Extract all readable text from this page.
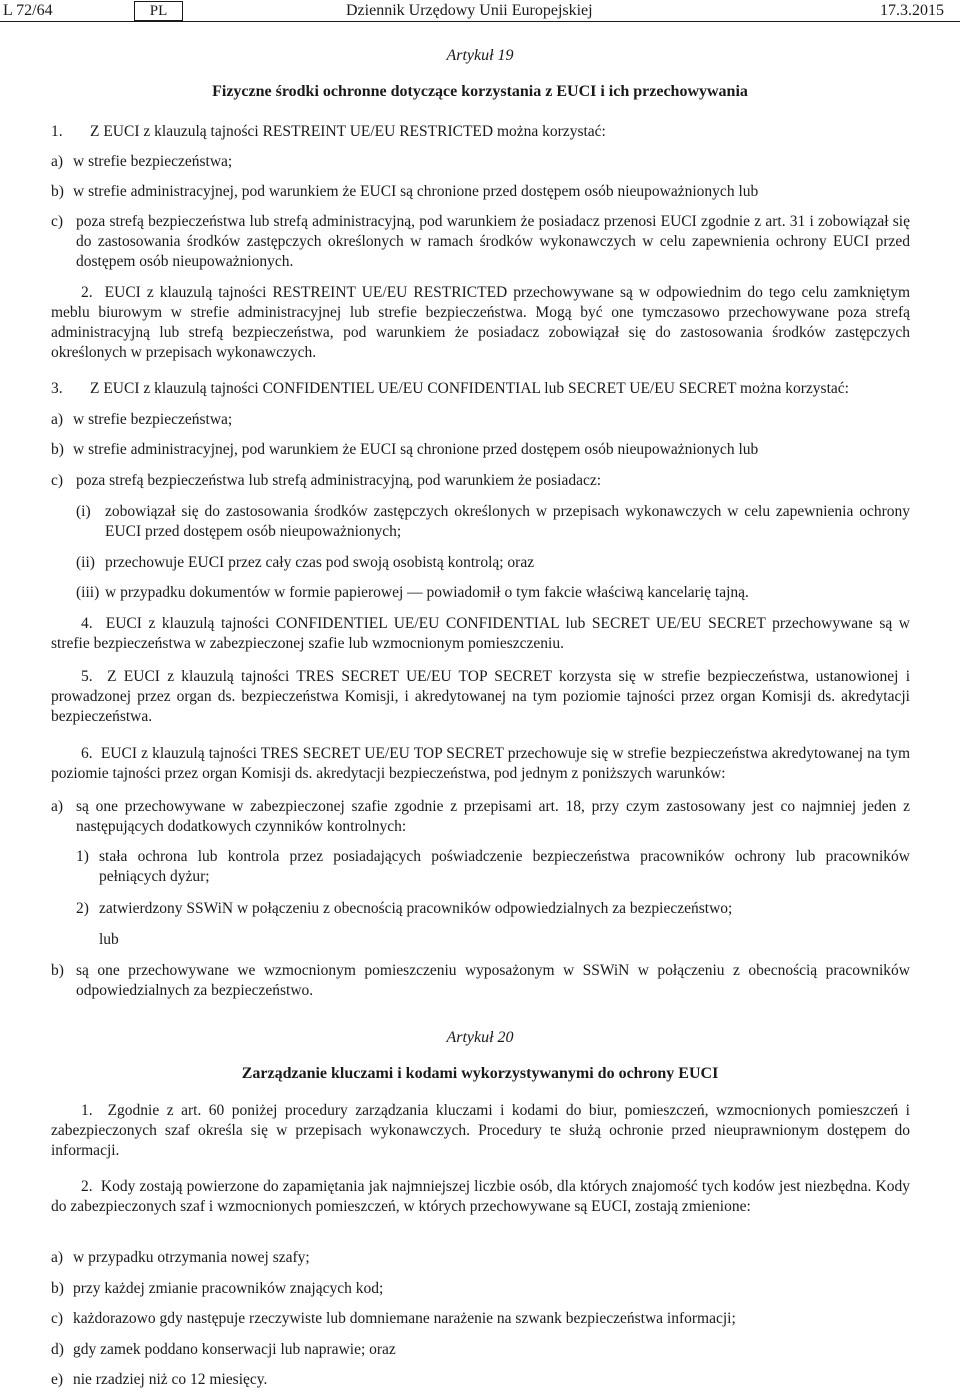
L 72/64	PL	Dziennik Urzędowy Unii Europejskiej	17.3.2015
Artykuł 19
Fizyczne środki ochronne dotyczące korzystania z EUCI i ich przechowywania
1. Z EUCI z klauzulą tajności RESTREINT UE/EU RESTRICTED można korzystać:
a) w strefie bezpieczeństwa;
b) w strefie administracyjnej, pod warunkiem że EUCI są chronione przed dostępem osób nieupoważnionych lub
c) poza strefą bezpieczeństwa lub strefą administracyjną, pod warunkiem że posiadacz przenosi EUCI zgodnie z art. 31 i zobowiązał się do zastosowania środków zastępczych określonych w ramach środków wykonawczych w celu zapewnienia ochrony EUCI przed dostępem osób nieupoważnionych.
2. EUCI z klauzulą tajności RESTREINT UE/EU RESTRICTED przechowywane są w odpowiednim do tego celu zamkniętym meblu biurowym w strefie administracyjnej lub strefie bezpieczeństwa. Mogą być one tymczasowo przechowywane poza strefą administracyjną lub strefą bezpieczeństwa, pod warunkiem że posiadacz zobowiązał się do zastosowania środków zastępczych określonych w przepisach wykonawczych.
3. Z EUCI z klauzulą tajności CONFIDENTIEL UE/EU CONFIDENTIAL lub SECRET UE/EU SECRET można korzystać:
a) w strefie bezpieczeństwa;
b) w strefie administracyjnej, pod warunkiem że EUCI są chronione przed dostępem osób nieupoważnionych lub
c) poza strefą bezpieczeństwa lub strefą administracyjną, pod warunkiem że posiadacz:
(i) zobowiązał się do zastosowania środków zastępczych określonych w przepisach wykonawczych w celu zapewnienia ochrony EUCI przed dostępem osób nieupoważnionych;
(ii) przechowuje EUCI przez cały czas pod swoją osobistą kontrolą; oraz
(iii) w przypadku dokumentów w formie papierowej — powiadomił o tym fakcie właściwą kancelarię tajną.
4. EUCI z klauzulą tajności CONFIDENTIEL UE/EU CONFIDENTIAL lub SECRET UE/EU SECRET przechowywane są w strefie bezpieczeństwa w zabezpieczonej szafie lub wzmocnionym pomieszczeniu.
5. Z EUCI z klauzulą tajności TRES SECRET UE/EU TOP SECRET korzysta się w strefie bezpieczeństwa, ustanowionej i prowadzonej przez organ ds. bezpieczeństwa Komisji, i akredytowanej na tym poziomie tajności przez organ Komisji ds. akredytacji bezpieczeństwa.
6. EUCI z klauzulą tajności TRES SECRET UE/EU TOP SECRET przechowuje się w strefie bezpieczeństwa akredytowanej na tym poziomie tajności przez organ Komisji ds. akredytacji bezpieczeństwa, pod jednym z poniższych warunków:
a) są one przechowywane w zabezpieczonej szafie zgodnie z przepisami art. 18, przy czym zastosowany jest co najmniej jeden z następujących dodatkowych czynników kontrolnych:
1) stała ochrona lub kontrola przez posiadających poświadczenie bezpieczeństwa pracowników ochrony lub pracowników pełniących dyżur;
2) zatwierdzony SSWiN w połączeniu z obecnością pracowników odpowiedzialnych za bezpieczeństwo;
lub
b) są one przechowywane we wzmocnionym pomieszczeniu wyposażonym w SSWiN w połączeniu z obecnością pracowników odpowiedzialnych za bezpieczeństwo.
Artykuł 20
Zarządzanie kluczami i kodami wykorzystywanymi do ochrony EUCI
1. Zgodnie z art. 60 poniżej procedury zarządzania kluczami i kodami do biur, pomieszczeń, wzmocnionych pomieszczeń i zabezpieczonych szaf określa się w przepisach wykonawczych. Procedury te służą ochronie przed nieuprawnionym dostępem do informacji.
2. Kody zostają powierzone do zapamiętania jak najmniejszej liczbie osób, dla których znajomość tych kodów jest niezbędna. Kody do zabezpieczonych szaf i wzmocnionych pomieszczeń, w których przechowywane są EUCI, zostają zmienione:
a) w przypadku otrzymania nowej szafy;
b) przy każdej zmianie pracowników znających kod;
c) każdorazowo gdy następuje rzeczywiste lub domniemane narażenie na szwank bezpieczeństwa informacji;
d) gdy zamek poddano konserwacji lub naprawie; oraz
e) nie rzadziej niż co 12 miesięcy.
